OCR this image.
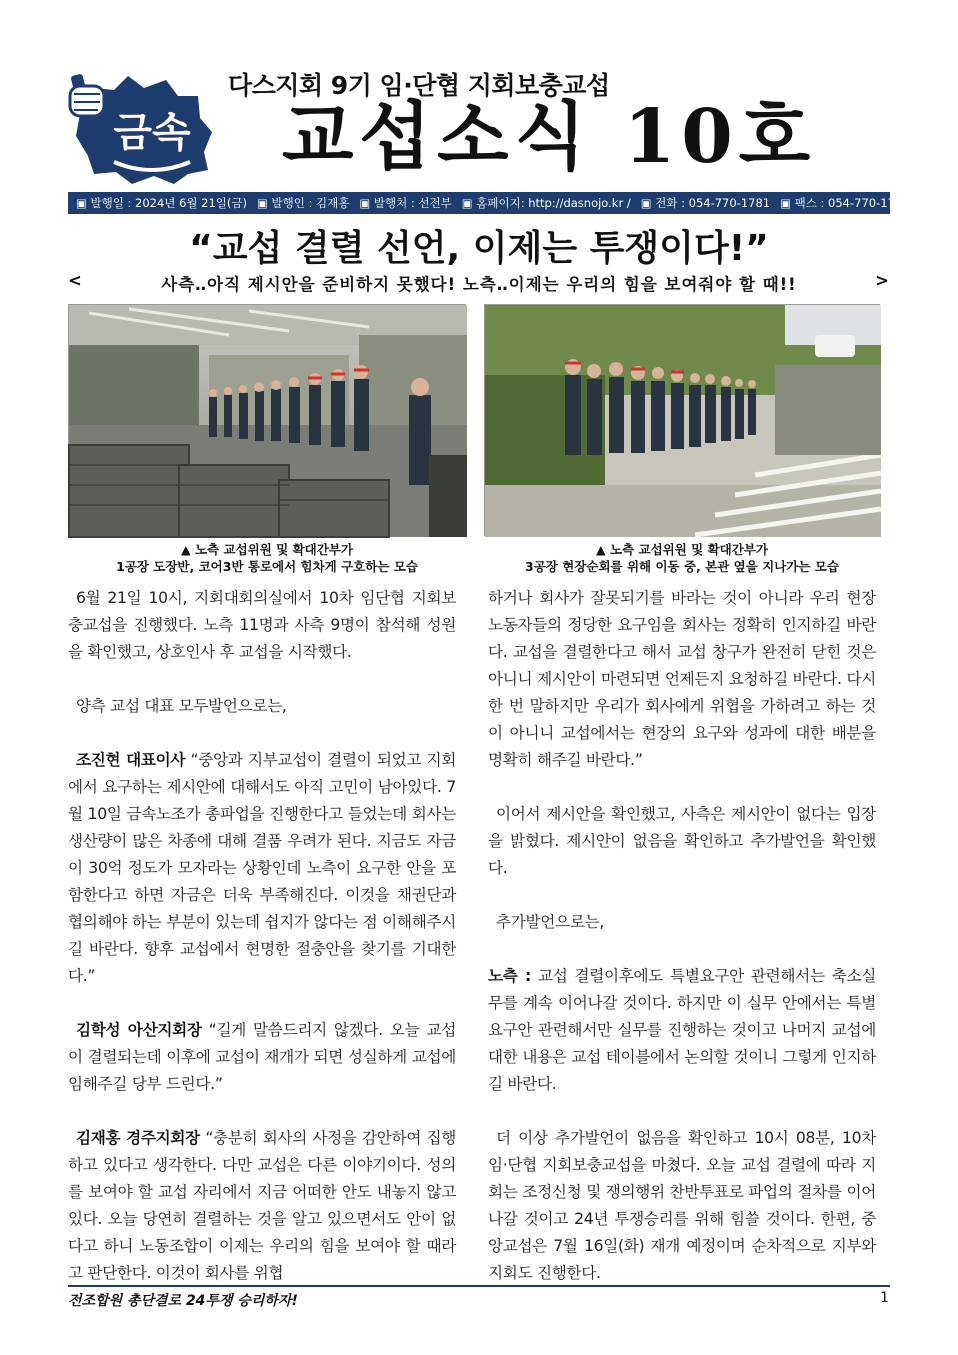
금속
다스지회 9기 임·단협 지회보충교섭
교섭소식 10호
▣ 발행일 : 2024년 6월 21일(금) ▣ 발행인 : 김재홍 ▣ 발행처 : 선전부 ▣ 홈페이지: http://dasnojo.kr / ▣ 전화 : 054-770-1781 ▣ 팩스 : 054-770-1780
“교섭 결렬 선언, 이제는 투쟁이다!”
<	사측‥아직 제시안을 준비하지 못했다! 노측‥이제는 우리의 힘을 보여줘야 할 때!!	>
▲ 노측 교섭위원 및 확대간부가
1공장 도장반, 코어3반 통로에서 힘차게 구호하는 모습
▲ 노측 교섭위원 및 확대간부가
3공장 현장순회를 위해 이동 중, 본관 옆을 지나가는 모습

6월 21일 10시, 지회대회의실에서 10차 임단협 지회보충교섭을 진행했다. 노측 11명과 사측 9명이 참석해 성원을 확인했고, 상호인사 후 교섭을 시작했다.

양측 교섭 대표 모두발언으로는,

조진현 대표이사 “중앙과 지부교섭이 결렬이 되었고 지회에서 요구하는 제시안에 대해서도 아직 고민이 남아있다. 7월 10일 금속노조가 총파업을 진행한다고 들었는데 회사는 생산량이 많은 차종에 대해 결품 우려가 된다. 지금도 자금이 30억 정도가 모자라는 상황인데 노측이 요구한 안을 포함한다고 하면 자금은 더욱 부족해진다. 이것을 채권단과 협의해야 하는 부분이 있는데 쉽지가 않다는 점 이해해주시길 바란다. 향후 교섭에서 현명한 절충안을 찾기를 기대한다.”

김학성 아산지회장 “길게 말씀드리지 않겠다. 오늘 교섭이 결렬되는데 이후에 교섭이 재개가 되면 성실하게 교섭에 임해주길 당부 드린다.”

김재홍 경주지회장 “충분히 회사의 사정을 감안하여 집행하고 있다고 생각한다. 다만 교섭은 다른 이야기이다. 성의를 보여야 할 교섭 자리에서 지금 어떠한 안도 내놓지 않고 있다. 오늘 당연히 결렬하는 것을 알고 있으면서도 안이 없다고 하니 노동조합이 이제는 우리의 힘을 보여야 할 때라고 판단한다. 이것이 회사를 위협

하거나 회사가 잘못되기를 바라는 것이 아니라 우리 현장 노동자들의 정당한 요구임을 회사는 정확히 인지하길 바란다. 교섭을 결렬한다고 해서 교섭 창구가 완전히 닫힌 것은 아니니 제시안이 마련되면 언제든지 요청하길 바란다. 다시 한 번 말하지만 우리가 회사에게 위협을 가하려고 하는 것이 아니니 교섭에서는 현장의 요구와 성과에 대한 배분을 명확히 해주길 바란다.”

이어서 제시안을 확인했고, 사측은 제시안이 없다는 입장을 밝혔다. 제시안이 없음을 확인하고 추가발언을 확인했다.

추가발언으로는,

노측 : 교섭 결렬이후에도 특별요구안 관련해서는 축소실무를 계속 이어나갈 것이다. 하지만 이 실무 안에서는 특별요구안 관련해서만 실무를 진행하는 것이고 나머지 교섭에 대한 내용은 교섭 테이블에서 논의할 것이니 그렇게 인지하길 바란다.

더 이상 추가발언이 없음을 확인하고 10시 08분, 10차 임·단협 지회보충교섭을 마쳤다. 오늘 교섭 결렬에 따라 지회는 조정신청 및 쟁의행위 찬반투표로 파업의 절차를 이어나갈 것이고 24년 투쟁승리를 위해 힘쓸 것이다. 한편, 중앙교섭은 7월 16일(화) 재개 예정이며 순차적으로 지부와 지회도 진행한다.

전조합원 총단결로 24투쟁 승리하자!	1
